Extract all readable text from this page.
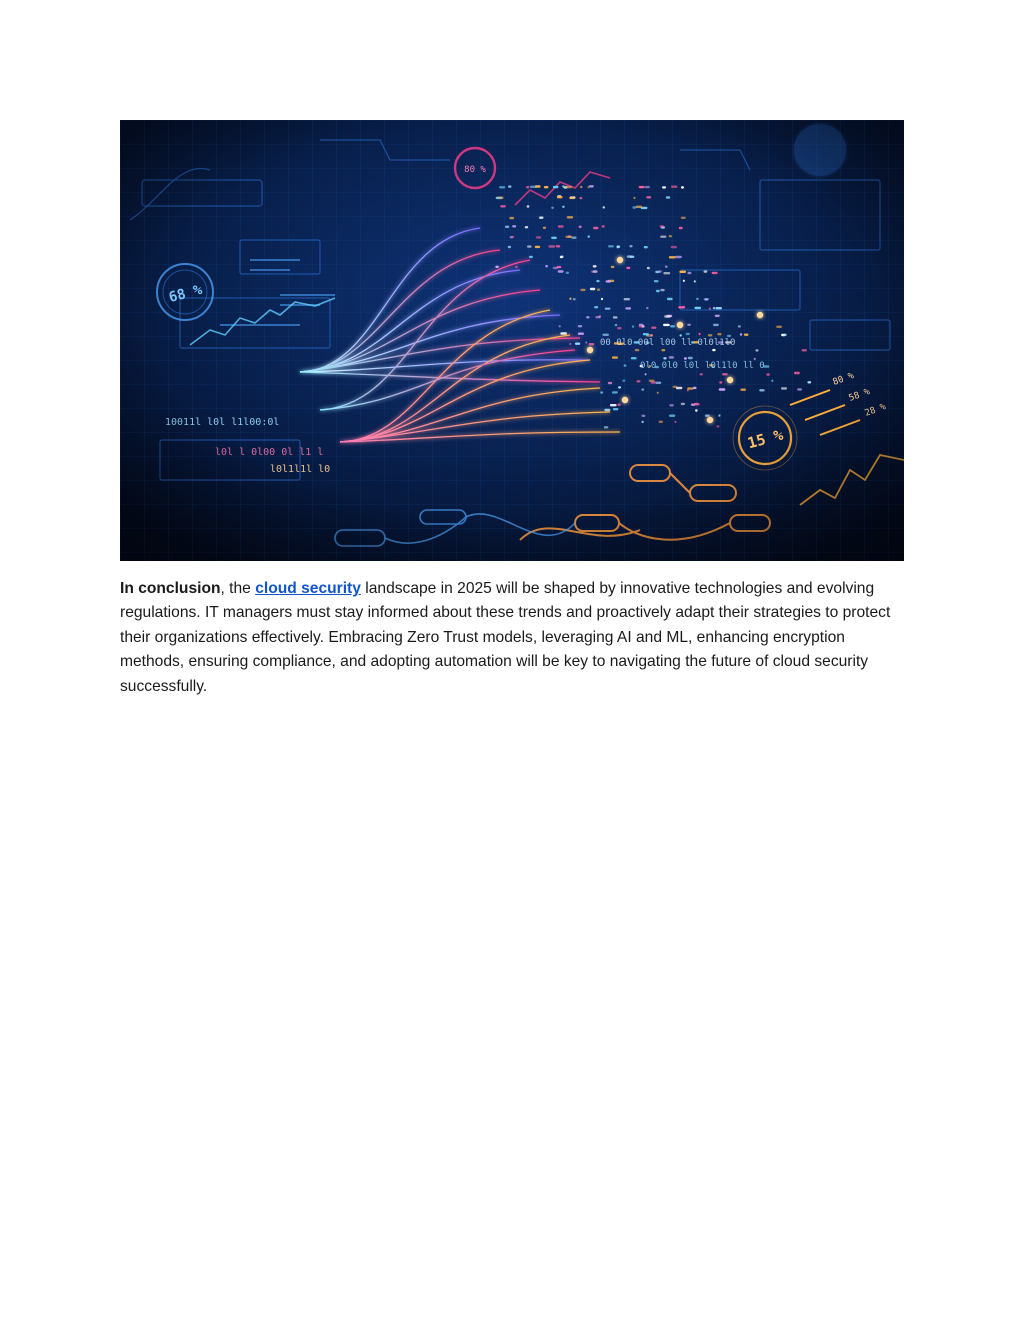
In conclusion, the cloud security landscape in 2025 will be shaped by innovative technologies and evolving regulations. IT managers must stay informed about these trends and proactively adapt their strategies to protect their organizations effectively. Embracing Zero Trust models, leveraging AI and ML, enhancing encryption methods, ensuring compliance, and adopting automation will be key to navigating the future of cloud security successfully.
